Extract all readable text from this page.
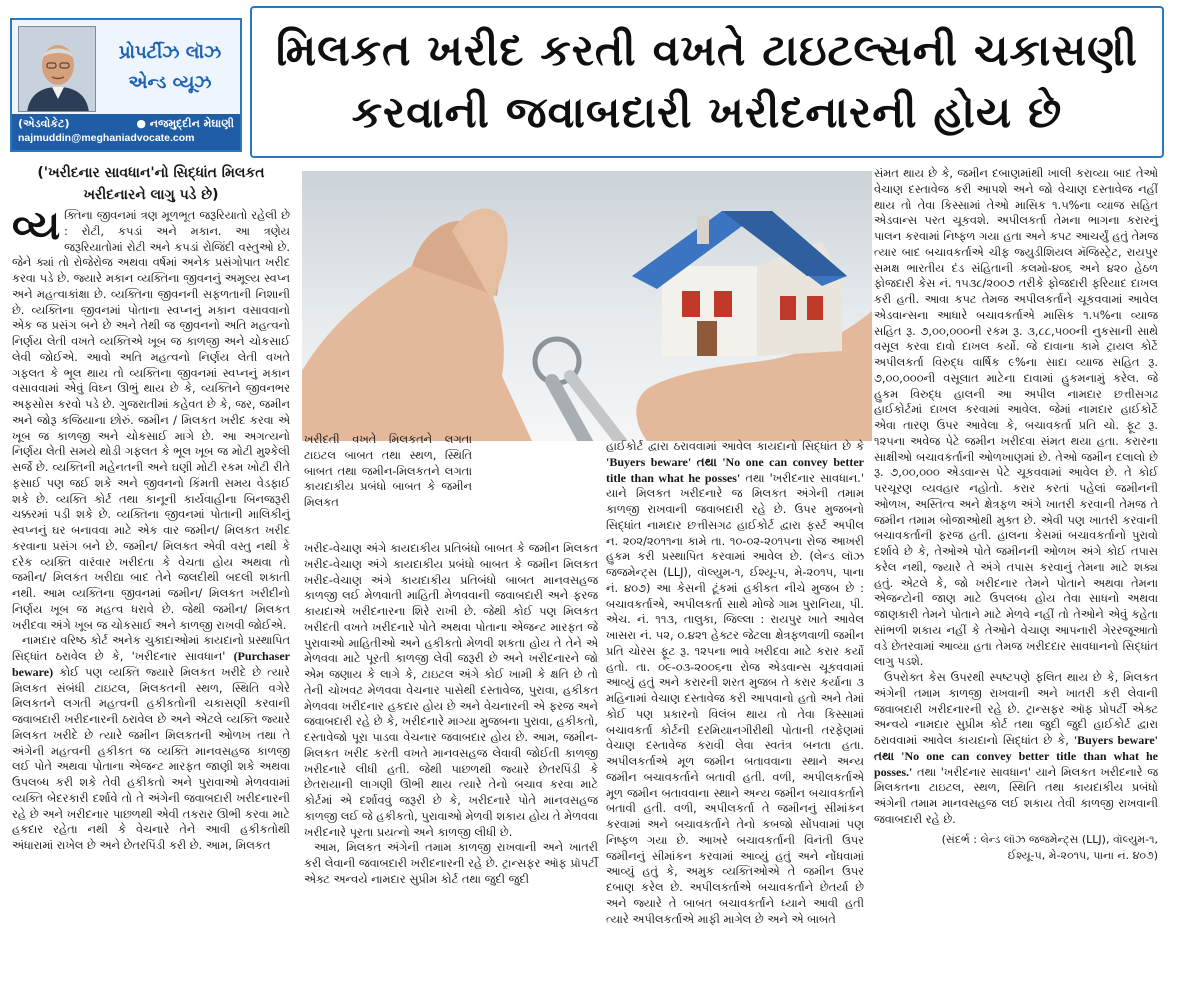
પ્રોપર્ટીઝ લૉઝ
એન્ડ વ્યૂઝ
(એડવોકેટ)	● નજમુદ્દીન મેઘાણી
najmuddin@meghaniadvocate.com
મિલકત ખરીદ કરતી વખતે ટાઇટલ્સની ચકાસણી
કરવાની જવાબદારી ખરીદનારની હોય છે
('ખરીદનાર સાવધાન'નો સિદ્ધાંત મિલકત
ખરીદનારને લાગુ પડે છે)

વ્ય ક્તિના જીવનમાં ત્રણ મૂળભૂત જરૂરિયાતો રહેલી છે : રોટી, કપડાં અને મકાન. આ ત્રણેય જરૂરિયાતોમાં રોટી અને કપડાં રોજિંદી વસ્તુઓ છે. જેને ક્યાં તો રોજેરોજ અથવા વર્ષમાં અનેક પ્રસંગોપાત ખરીદ કરવા પડે છે. જ્યારે મકાન વ્યક્તિના જીવનનું અમૂલ્ય સ્વપ્ન અને મહત્વાકાંક્ષા છે. વ્યક્તિના જીવનની સફળતાની નિશાની છે. વ્યક્તિના જીવનમાં પોતાના સ્વપ્નનું મકાન વસાવવાનો એક જ પ્રસંગ બને છે અને તેથી જ જીવનનો અતિ મહત્વનો નિર્ણય લેતી વખતે વ્યક્તિએ ખૂબ જ કાળજી અને ચોકસાઈ લેવી જોઈએ. આવો અતિ મહત્વનો નિર્ણય લેતી વખતે ગફલત કે ભૂલ થાય તો વ્યક્તિના જીવનમાં સ્વપ્નનું મકાન વસાવવામાં એવું વિઘ્ન ઊભું થાય છે કે, વ્યક્તિને જીવનભર અફસોસ કરવો પડે છે. ગુજરાતીમાં કહેવત છે કે, જર, જમીન અને જોરૂ કજિયાના છોરું. જમીન / મિલકત ખરીદ કરવા એ ખૂબ જ કાળજી અને ચોકસાઈ માગે છે. આ અગત્યનો નિર્ણય લેતી સમયે થોડી ગફલત કે ભૂલ ખૂબ જ મોટી મુશ્કેલી સર્જે છે. વ્યક્તિની મહેનતની અને ઘણી મોટી રકમ ખોટી રીતે ફસાઈ પણ જઈ શકે અને જીવનનો કિંમતી સમય વેડફાઈ શકે છે. વ્યક્તિ કોર્ટ તથા કાનૂની કાર્યવાહીના બિનજરૂરી ચક્કરમાં પડી શકે છે. વ્યક્તિના જીવનમાં પોતાની માલિકીનું સ્વપ્નનું ઘર બનાવવા માટે એક વાર જમીન/ મિલકત ખરીદ કરવાના પ્રસંગ બને છે. જમીન/ મિલકત એવી વસ્તુ નથી કે દરેક વ્યક્તિ વારંવાર ખરીદતા કે વેચતા હોય અથવા તો જમીન/ મિલકત ખરીદ્યા બાદ તેને જલદીથી બદલી શકાતી નથી. આમ વ્યક્તિના જીવનમાં જમીન/ મિલકત ખરીદીનો નિર્ણય ખૂબ જ મહત્વ ધરાવે છે. જેથી જમીન/ મિલકત ખરીદવા અંગે ખૂબ જ ચોકસાઈ અને કાળજી રાખવી જોઈએ.

નામદાર વરિષ્ઠ કોર્ટ અનેક ચુકાદાઓમાં કાયદાનો પ્રસ્થાપિત સિદ્ધાંત ઠરાવેલ છે કે, 'ખરીદનાર સાવધાન' (Purchaser beware) કોઈ પણ વ્યક્તિ જ્યારે મિલકત ખરીદે છે ત્યારે મિલકત સંબંધી ટાઇટલ, મિલકતની સ્થળ, સ્થિતિ વગેરે મિલકતને લગતી મહત્વની હકીકતોની ચકાસણી કરવાની જવાબદારી ખરીદનારની ઠરાવેલ છે અને એટલે વ્યક્તિ જ્યારે મિલકત ખરીદે છે ત્યારે જમીન મિલકતની ઓળખ તથા તે અંગેની મહત્વની હકીકત જ વ્યક્તિ માનવસહજ કાળજી લઈ પોતે અથવા પોતાના એજન્ટ મારફત જાણી શકે અથવા ઉપલબ્ધ કરી શકે તેવી હકીકતો અને પુરાવાઓ મેળવવામાં વ્યક્તિ બેદરકારી દર્શાવે તો તે અંગેની જવાબદારી ખરીદનારની રહે છે અને ખરીદનાર પાછળથી એવી તકરાર ઊભી કરવા માટે હકદાર રહેતા નથી કે વેચનારે તેને આવી હકીકતોથી અંધારામાં રાખેલ છે અને છેતરપિંડી કરી છે. આમ, મિલકત

ખરીદતી વખતે મિલકતને લગતા ટાઇટલ બાબત તથા સ્થળ, સ્થિતિ બાબત તથા જમીન-મિલકતને લગતા કાયદાકીય પ્રબંધો બાબત કે જમીન મિલકત

હાઈકોર્ટ દ્વારા ઠરાવવામાં આવેલ કાયદાનો સિદ્ધાંત છે કે 'Buyers beware' તથા 'No one can convey better title than what he posses' તથા 'ખરીદનાર સાવધાન.' યાને મિલકત ખરીદનારે જ મિલકત અંગેની તમામ કાળજી રાખવાની જવાબદારી રહે છે. ઉપર મુજબનો સિદ્ધાંત નામદાર છત્તીસગઢ હાઈકોર્ટ દ્વારા ફર્સ્ટ અપીલ ન. ૨૦૨/૨૦૧૧ના કામે તા. ૧૦-૦૨-૨૦૧૫ના રોજ આખરી હુકમ કરી પ્રસ્થાપિત કરવામાં આવેલ છે. (લેન્ડ લૉઝ જજમેન્ટ્સ (LLJ), વૉલ્યુમ-૧, ઈશ્યૂ-૫, મે-૨૦૧૫, પાના નં. ૪૦૭) આ કેસની ટૂંકમાં હકીકત નીચે મુજબ છે : બચાવકર્તાએ, અપીલકર્તા સાથે મોજે ગામ પુરાનિયા, પી. એચ. નં. ૧૧૩, તાલુકા, જિલ્લા : રાયપુર ખાતે આવેલ ખાસરા નં. ૫૨, ૦.૪૨૧ હેક્ટર જેટલા ક્ષેત્રફળવાળી જમીન પ્રતિ ચોરસ ફૂટ રૂ. ૧૨૫ના ભાવે ખરીદવા માટે કરાર કર્યો હતો. તા. ૦૯-૦૩-૨૦૦૬ના રોજ એડવાન્સ ચૂકવવામાં આવ્યું હતું અને કરારની શરત મુજબ તે કરાર કર્યાના ૩ મહિનામાં વેચાણ દસ્તાવેજ કરી આપવાનો હતો અને તેમાં કોઈ પણ પ્રકારનો વિલંબ થાય તો તેવા કિસ્સામાં બચાવકર્તા કોર્ટની દરમિયાનગીરીથી પોતાની તરફેણમાં વેચાણ દસ્તાવેજ કરાવી લેવા સ્વતંત્ર બનતા હતા. અપીલકર્તાએ મૂળ જમીન બતાવવાના સ્થાને અન્ય જમીન બચાવકર્તાને બતાવી હતી. વળી, અપીલકર્તાએ મૂળ જમીન બતાવવાના સ્થાને અન્ય જમીન બચાવકર્તાને બતાવી હતી. વળી, અપીલકર્તા તે જમીનનું સીમાંકન કરવામાં અને બચાવકર્તાને તેનો કબજો સોંપવામાં પણ નિષ્ફળ ગયા છે. આખરે બચાવકર્તાની વિનંતી ઉપર જમીનનું સીમાંકન કરવામાં આવ્યું હતું અને નોંધવામાં આવ્યું હતું કે, અમુક વ્યક્તિઓએ તે જમીન ઉપર દબાણ કરેલ છે. અપીલકર્તાએ બચાવકર્તાને છેતર્યા છે અને જ્યારે તે બાબત બચાવકર્તાને ધ્યાને આવી હતી ત્યારે અપીલકર્તાએ માફી માગેલ છે અને એ બાબતે

ખરીદ-વેચાણ અંગે કાયદાકીય પ્રતિબંધો બાબત કે જમીન મિલકત ખરીદ-વેચાણ અંગે કાયદાકીય પ્રબંધો બાબત કે જમીન મિલકત ખરીદ-વેચાણ અંગે કાયદાકીય પ્રતિબંધો બાબત માનવસહજ કાળજી લઈ મેળવાતી માહિતી મેળવવાની જવાબદારી અને ફરજ કાયદાએ ખરીદનારના શિરે રાખી છે. જેથી કોઈ પણ મિલકત ખરીદતી વખતે ખરીદનારે પોતે અથવા પોતાના એજન્ટ મારફત જે પુરાવાઓ માહિતીઓ અને હકીકતો મેળવી શકતા હોય તે તેને એ મેળવવા માટે પૂરતી કાળજી લેવી જરૂરી છે અને ખરીદનારને જો એમ જણાય કે લાગે કે, ટાઇટલ અંગે કોઈ ખામી કે ક્ષતિ છે તો તેની ચોખવટ મેળવવા વેચનાર પાસેથી દસ્તાવેજ, પુરાવા, હકીકત મેળવવા ખરીદનાર હકદાર હોય છે અને વેચનારની એ ફરજ અને જવાબદારી રહે છે કે, ખરીદનારે માગ્યા મુજબના પુરાવા, હકીકતો, દસ્તાવેજો પૂરા પાડવા વેચનાર જવાબદાર હોય છે. આમ, જમીન-મિલકત ખરીદ કરતી વખતે માનવસહજ લેવાવી જોઈતી કાળજી ખરીદનારે લીધી હતી. જેથી પાછળથી જ્યારે છેતરપિંડી કે છેતરાયાની લાગણી ઊભી થાય ત્યારે તેનો બચાવ કરવા માટે કોર્ટમાં એ દર્શાવવું જરૂરી છે કે, ખરીદનારે પોતે માનવસહજ કાળજી લઈ જે હકીકતો, પુરાવાઓ મેળવી શકાય હોય તે મેળવવા ખરીદનારે પૂરતા પ્રયત્નો અને કાળજી લીધી છે.

આમ, મિલકત અંગેની તમામ કાળજી રાખવાની અને ખાતરી કરી લેવાની જવાબદારી ખરીદનારની રહે છે. ટ્રાન્સફર ઑફ પ્રૉપર્ટી એક્ટ અન્વયે નામદાર સુપ્રીમ કોર્ટ તથા જુદી જુદી

સંમત થાય છે કે, જમીન દબાણમાંથી ખાલી કરાવ્યા બાદ તેઓ વેચાણ દસ્તાવેજ કરી આપશે અને જો વેચાણ દસ્તાવેજ નહીં થાય તો તેવા કિસ્સામાં તેઓ માસિક ૧.૫%ના વ્યાજ સહિત એડવાન્સ પરત ચૂકવશે. અપીલકર્તા તેમના ભાગના કરારનું પાલન કરવામાં નિષ્ફળ ગયા હતા અને કપટ આચર્યું હતું તેમજ ત્યાર બાદ બચાવકર્તાએ ચીફ જ્યુડીશિયલ મૅજિસ્ટ્રેટ, રાયપુર સમક્ષ ભારતીય દંડ સંહિતાની કલમો-૪૦૬ અને ૪૨૦ હેઠળ ફોજદારી કેસ નં. ૧૫૩૮/૨૦૦૭ તરીકે ફોજદારી ફરિયાદ દાખલ કરી હતી. આવા કપટ તેમજ અપીલકર્તાને ચૂકવવામાં આવેલ એડવાન્સના આધારે બચાવકર્તાએ માસિક ૧.૫%ના વ્યાજ સહિત રૂ. ૭,૦૦,૦૦૦ની રકમ રૂ. ૩,૮૮,૫૦૦ની નુકસાની સાથે વસૂલ કરવા દાવો દાખલ કર્યો. જે દાવાના કામે ટ્રાયલ કોર્ટે અપીલકર્તા વિરુદ્ધ વાર્ષિક ૯%ના સાદા વ્યાજ સહિત રૂ. ૭,૦૦,૦૦૦ની વસૂલાત માટેના દાવામાં હુકમનામું કરેલ. જે હુકમ વિરુદ્ધ હાલની આ અપીલ નામદાર છત્તીસગઢ હાઈકોર્ટમાં દાખલ કરવામાં આવેલ. જેમાં નામદાર હાઈકોર્ટે એવા તારણ ઉપર આવેલા કે, બચાવકર્તા પ્રતિ ચો. ફૂટ રૂ. ૧૨૫ના અવેજ પેટે જમીન ખરીદવા સંમત થયા હતા. કરારના સાક્ષીઓ બચાવકર્તાની ઓળખાણમાં છે. તેઓ જમીન દલાલો છે રૂ. ૭,૦૦,૦૦૦ એડવાન્સ પેટે ચૂકવવામાં આવેલ છે. તે કોઈ પરચૂરણ વ્યવહાર નહોતો. કરાર કરતાં પહેલાં જમીનની ઓળખ, અસ્તિત્વ અને ક્ષેત્રફળ અંગે ખાતરી કરવાની તેમજ તે જમીન તમામ બોજાઓથી મુક્ત છે. એવી પણ ખાતરી કરવાની બચાવકર્તાની ફરજ હતી. હાલના કેસમાં બચાવકર્તાનો પુરાવો દર્શાવે છે કે, તેઓએ પોતે જમીનની ઓળખ અંગે કોઈ તપાસ કરેલ નથી, જ્યારે તે અંગે તપાસ કરવાનું તેમના માટે શક્ય હતું. એટલે કે, જો ખરીદનાર તેમને પોતાને અથવા તેમના એજન્ટોની જાણ માટે ઉપલબ્ધ હોય તેવા સાધનો અથવા જાણકારી તેમને પોતાને માટે મેળવે નહીં તો તેઓને એવું કહેતા સાંભળી શકાય નહીં કે તેઓને વેચાણ આપનારી ગેરરજૂઆતો વડે છેતરવામાં આવ્યા હતા તેમજ ખરીદદાર સાવધાનનો સિદ્ધાંત લાગુ પડશે.

ઉપરોક્ત કેસ ઉપરથી સ્પષ્ટપણે ફલિત થાય છે કે, મિલકત અંગેની તમામ કાળજી રાખવાની અને ખાતરી કરી લેવાની જવાબદારી ખરીદનારની રહે છે. ટ્રાન્સફર ઑફ પ્રોપર્ટી એક્ટ અન્વયે નામદાર સુપ્રીમ કોર્ટ તથા જુદી જુદી હાઈકોર્ટ દ્વારા ઠરાવવામાં આવેલ કાયદાનો સિદ્ધાંત છે કે, 'Buyers beware' તથા 'No one can convey better title than what he posses.' તથા 'ખરીદનાર સાવધાન' યાને મિલકત ખરીદનારે જ મિલકતના ટાઇટલ, સ્થળ, સ્થિતિ તથા કાયદાકીય પ્રબંધો અંગેની તમામ માનવસહજ લઈ શકાય તેવી કાળજી રાખવાની જવાબદારી રહે છે.

(સંદર્ભ : લેન્ડ લૉઝ જજમેન્ટ્સ (LLJ), વૉલ્યુમ-૧,
ઈશ્યૂ-૫, મે-૨૦૧૫, પાના નં. ૪૦૭)
